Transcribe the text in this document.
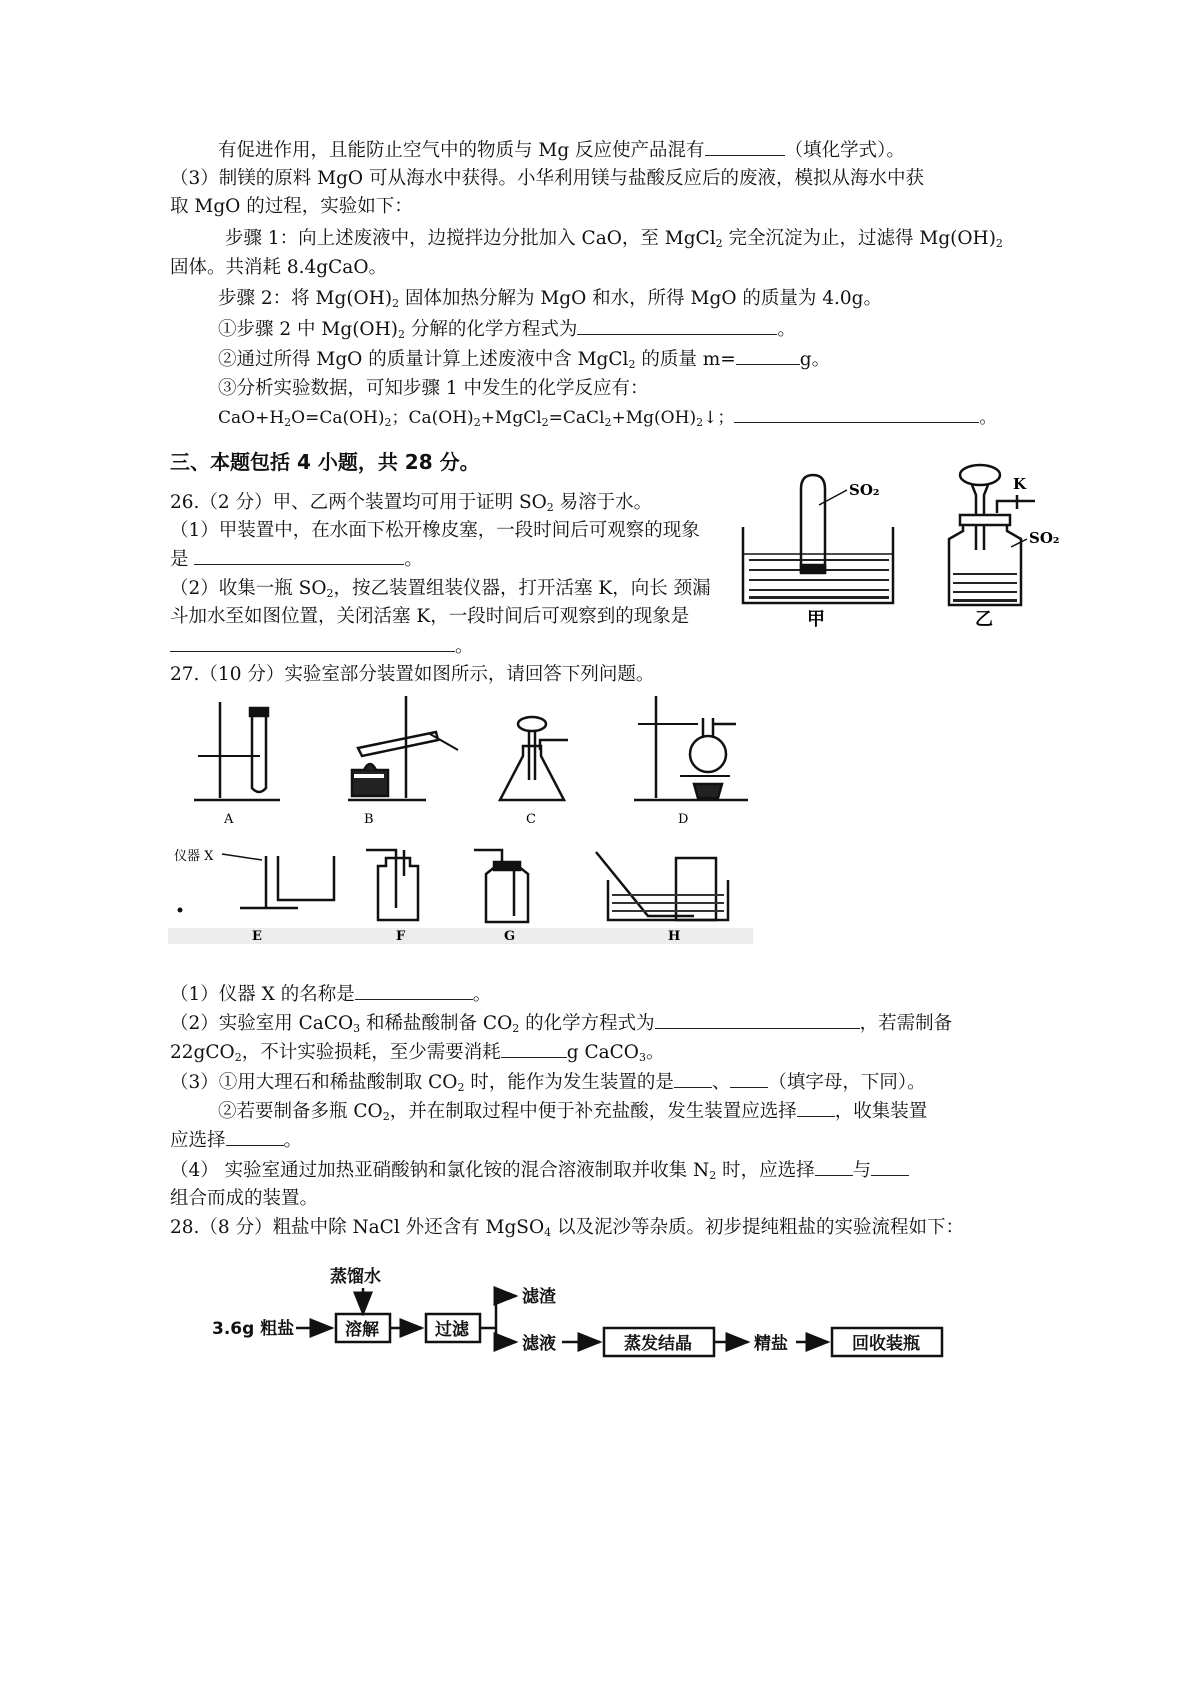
有促进作用，且能防止空气中的物质与 Mg 反应使产品混有	（填化学式）。
（3）制镁的原料 MgO 可从海水中获得。小华利用镁与盐酸反应后的废液，模拟从海水中获
取 MgO 的过程，实验如下：
步骤 1：向上述废液中，边搅拌边分批加入 CaO，至 MgCl$_2$ 完全沉淀为止，过滤得 $Mg(OH)_2$
固体。共消耗 8.4gCaO。
步骤 2：将 $Mg(OH)_2$ 固体加热分解为 MgO 和水，所得 MgO 的质量为 4.0g。
①步骤 2 中 $Mg(OH)_2$ 分解的化学方程式为	。
②通过所得 MgO 的质量计算上述废液中含 MgCl$_2$ 的质量 m=	g。
③分析实验数据，可知步骤 1 中发生的化学反应有：
$CaO+H_2O=Ca(OH)_2$；$Ca(OH)_2+MgCl_2=CaCl_2+Mg(OH)_2↓$；	。
三、本题包括 4 小题，共 28 分。
26.（2 分）甲、乙两个装置均可用于证明 $SO_2$ 易溶于水。
（1）甲装置中，在水面下松开橡皮塞，一段时间后可观察的现象
是	。
（2）收集一瓶 $SO_2$，按乙装置组装仪器，打开活塞 K，向长 颈漏
斗加水至如图位置，关闭活塞 K，一段时间后可观察到的现象是
。
SO₂
甲
K
SO₂
乙
27.（10 分）实验室部分装置如图所示，请回答下列问题。
仪器 X
A	B	C	D
E	F	G	H
（1）仪器 X 的名称是	。
（2）实验室用 CaCO$_3$ 和稀盐酸制备 $CO_2$ 的化学方程式为	，若需制备
22gCO$_2$，不计实验损耗，至少需要消耗	g CaCO$_3$。
（3）①用大理石和稀盐酸制取 $CO_2$ 时，能作为发生装置的是 、 （填字母，下同）。
②若要制备多瓶 $CO_2$，并在制取过程中便于补充盐酸，发生装置应选择 ，收集装置
应选择	。
（4） 实验室通过加热亚硝酸钠和氯化铵的混合溶液制取并收集 $N_2$ 时，应选择 与
组合而成的装置。
28.（8 分）粗盐中除 NaCl 外还含有 MgSO$_4$ 以及泥沙等杂质。初步提纯粗盐的实验流程如下：
3.6g 粗盐
蒸馏水
溶解	过滤
滤渣
滤液	蒸发结晶	精盐	回收装瓶
